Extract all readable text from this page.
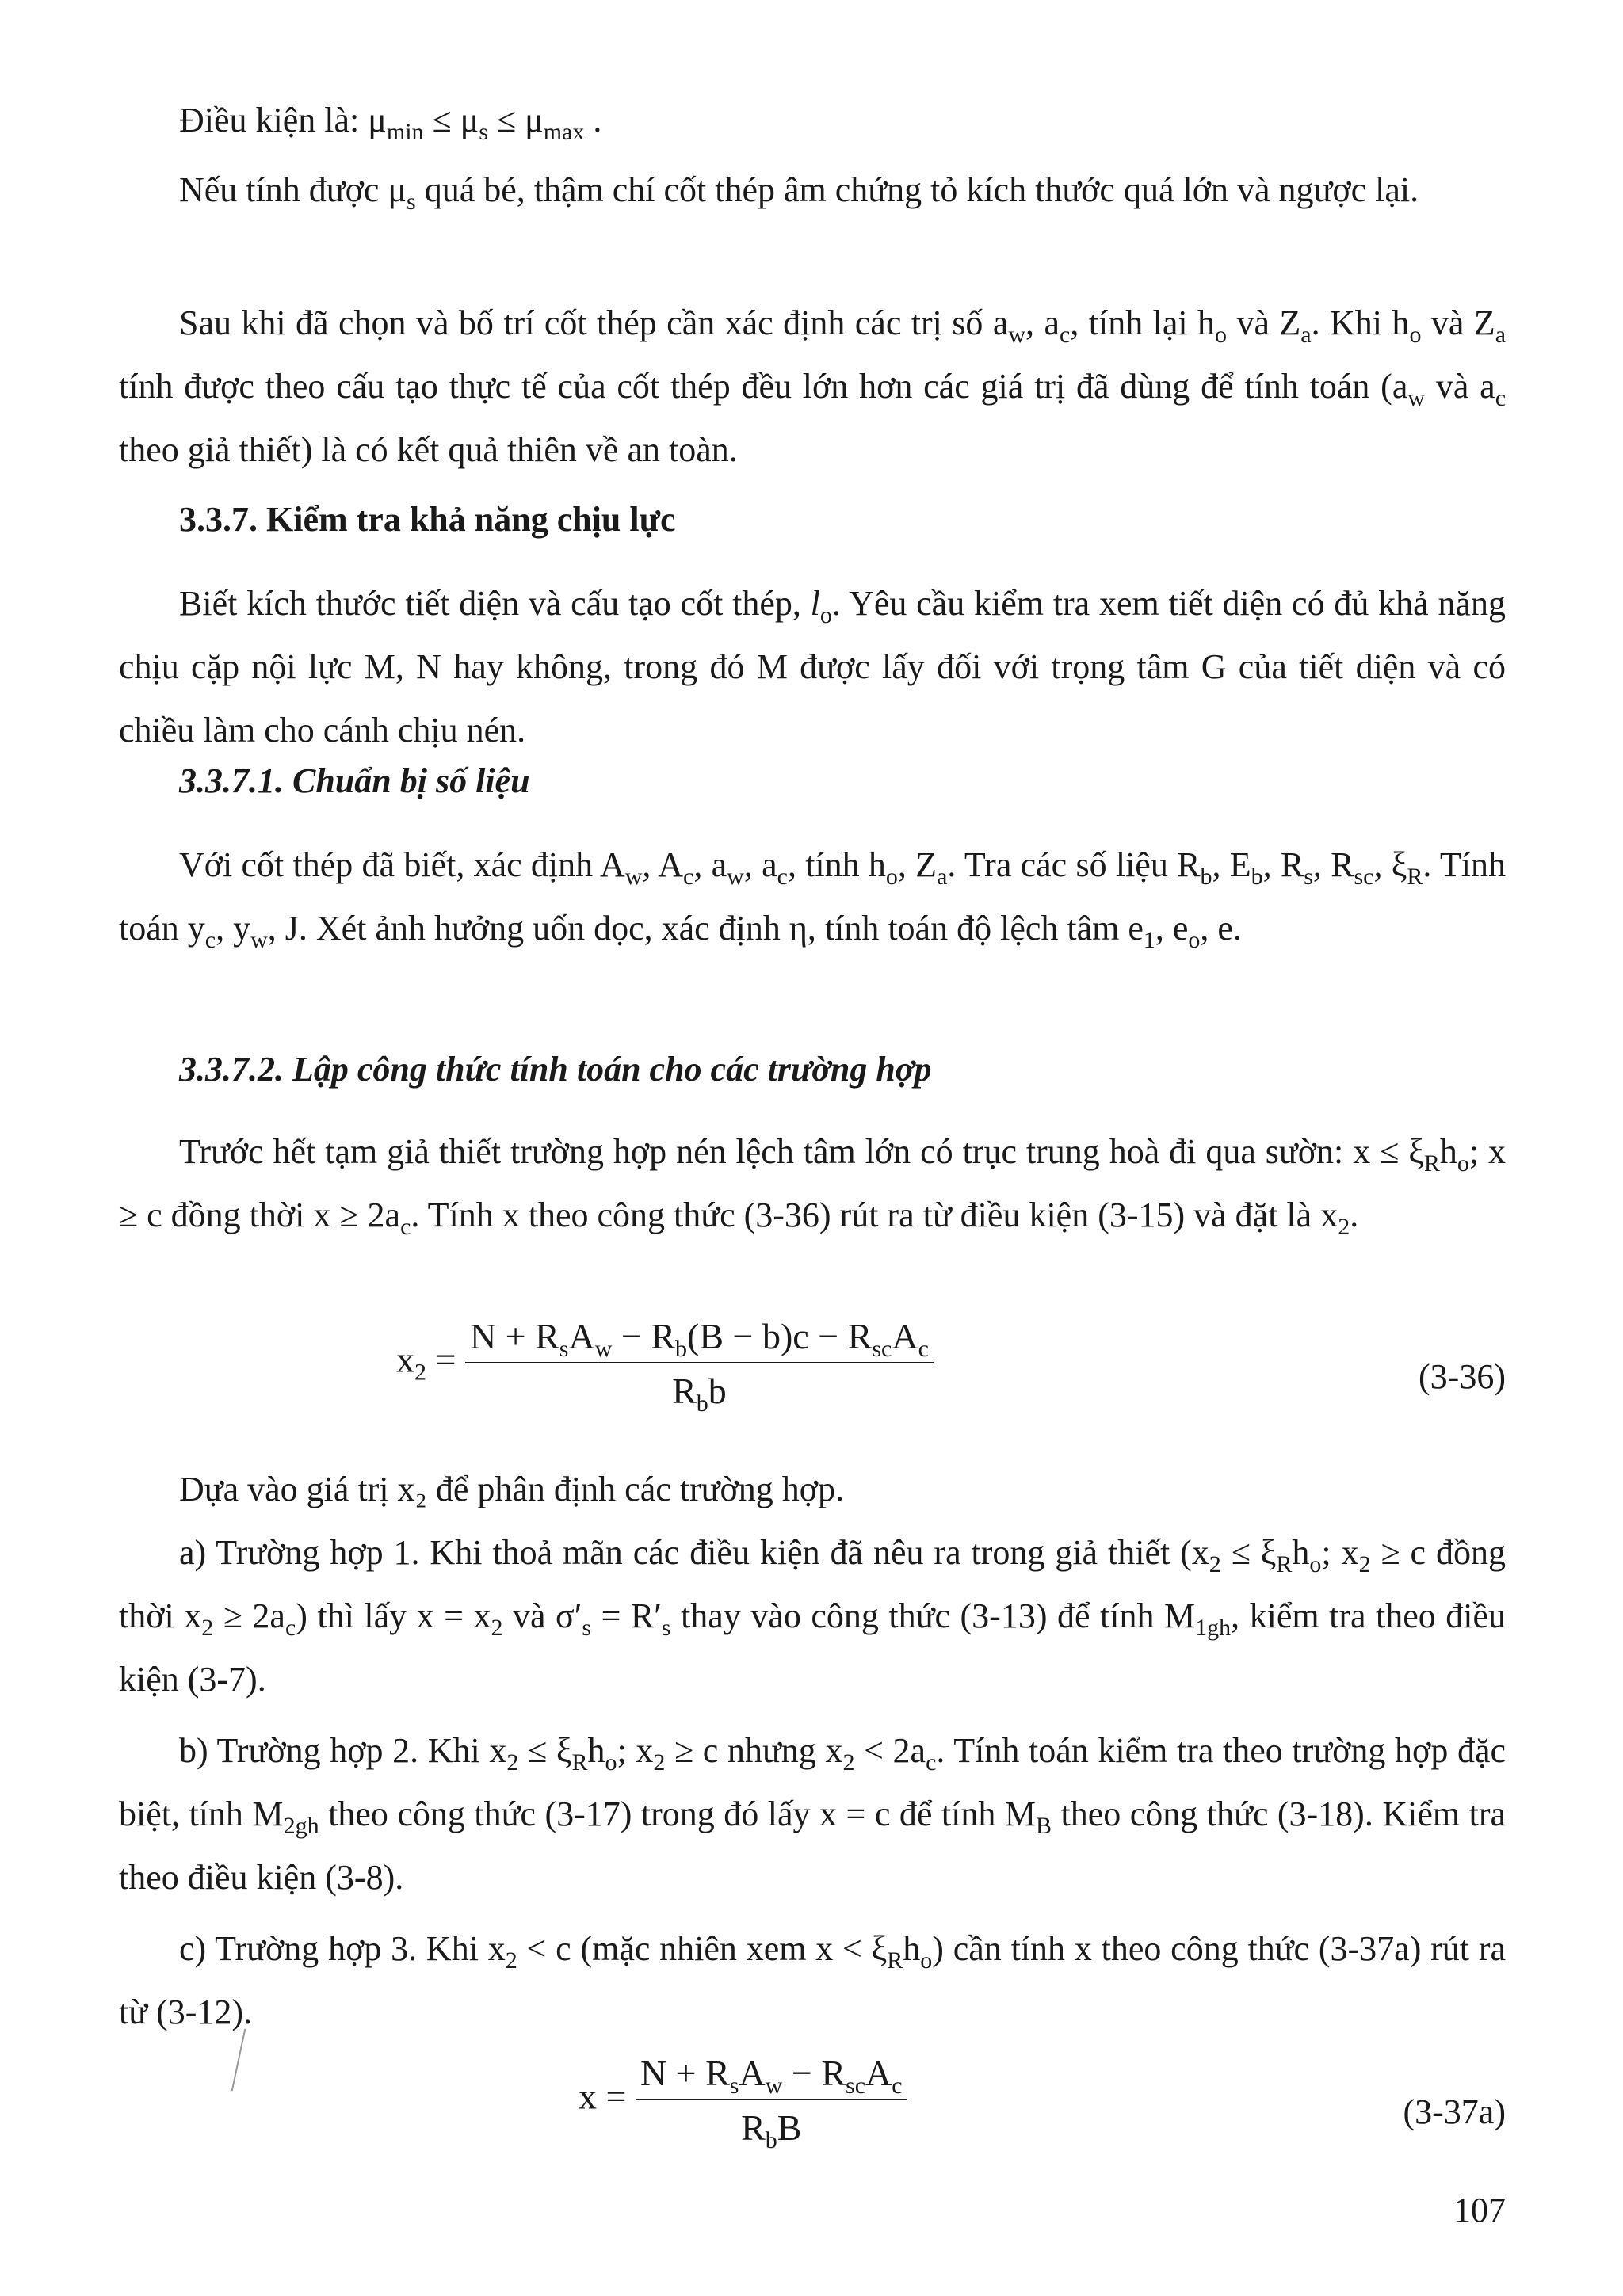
Điều kiện là: $\mu_{min} \le \mu_s \le \mu_{max}$ .
Nếu tính được $\mu_s$ quá bé, thậm chí cốt thép âm chứng tỏ kích thước quá lớn và ngược lại.
Sau khi đã chọn và bố trí cốt thép cần xác định các trị số $a_w$, $a_c$, tính lại $h_o$ và $Z_a$. Khi $h_o$ và $Z_a$ tính được theo cấu tạo thực tế của cốt thép đều lớn hơn các giá trị đã dùng để tính toán ($a_w$ và $a_c$ theo giả thiết) là có kết quả thiên về an toàn.
3.3.7. Kiểm tra khả năng chịu lực
Biết kích thước tiết diện và cấu tạo cốt thép, $l_o$. Yêu cầu kiểm tra xem tiết diện có đủ khả năng chịu cặp nội lực M, N hay không, trong đó M được lấy đối với trọng tâm G của tiết diện và có chiều làm cho cánh chịu nén.
3.3.7.1. Chuẩn bị số liệu
Với cốt thép đã biết, xác định $A_w$, $A_c$, $a_w$, $a_c$, tính $h_o$, $Z_a$. Tra các số liệu $R_b$, $E_b$, $R_s$, $R_{sc}$, $\xi_R$. Tính toán $y_c$, $y_w$, J. Xét ảnh hưởng uốn dọc, xác định η, tính toán độ lệch tâm $e_1$, $e_o$, e.
3.3.7.2. Lập công thức tính toán cho các trường hợp
Trước hết tạm giả thiết trường hợp nén lệch tâm lớn có trục trung hoà đi qua sườn: $x \le \xi_Rh_o$; x ≥ c đồng thời $x \ge 2a_c$. Tính x theo công thức (3-36) rút ra từ điều kiện (3-15) và đặt là $x_2$.
$x_2 = \frac{N + R_sA_w - R_b(B - b)c - R_{sc}A_c}{R_bb}$	(3-36)
Dựa vào giá trị x₂ để phân định các trường hợp.
a) Trường hợp 1. Khi thoả mãn các điều kiện đã nêu ra trong giả thiết ($x_2 \le \xi_Rh_o$; $x_2 \ge c$ đồng thời $x_2 \ge 2a_c$) thì lấy $x = x_2$ và $\sigma'_s = R'_s$ thay vào công thức (3-13) để tính $M_{1gh}$, kiểm tra theo điều kiện (3-7).
b) Trường hợp 2. Khi $x_2 \le \xi_Rh_o$; $x_2 \ge c$ nhưng $x_2 < 2a_c$. Tính toán kiểm tra theo trường hợp đặc biệt, tính $M_{2gh}$ theo công thức (3-17) trong đó lấy x = c để tính $M_B$ theo công thức (3-18). Kiểm tra theo điều kiện (3-8).
c) Trường hợp 3. Khi $x_2 < c$ (mặc nhiên xem $x < \xi_Rh_o$) cần tính x theo công thức (3-37a) rút ra từ (3-12).
$x = \frac{N + R_sA_w - R_{sc}A_c}{R_bB}$	(3-37a)
107
